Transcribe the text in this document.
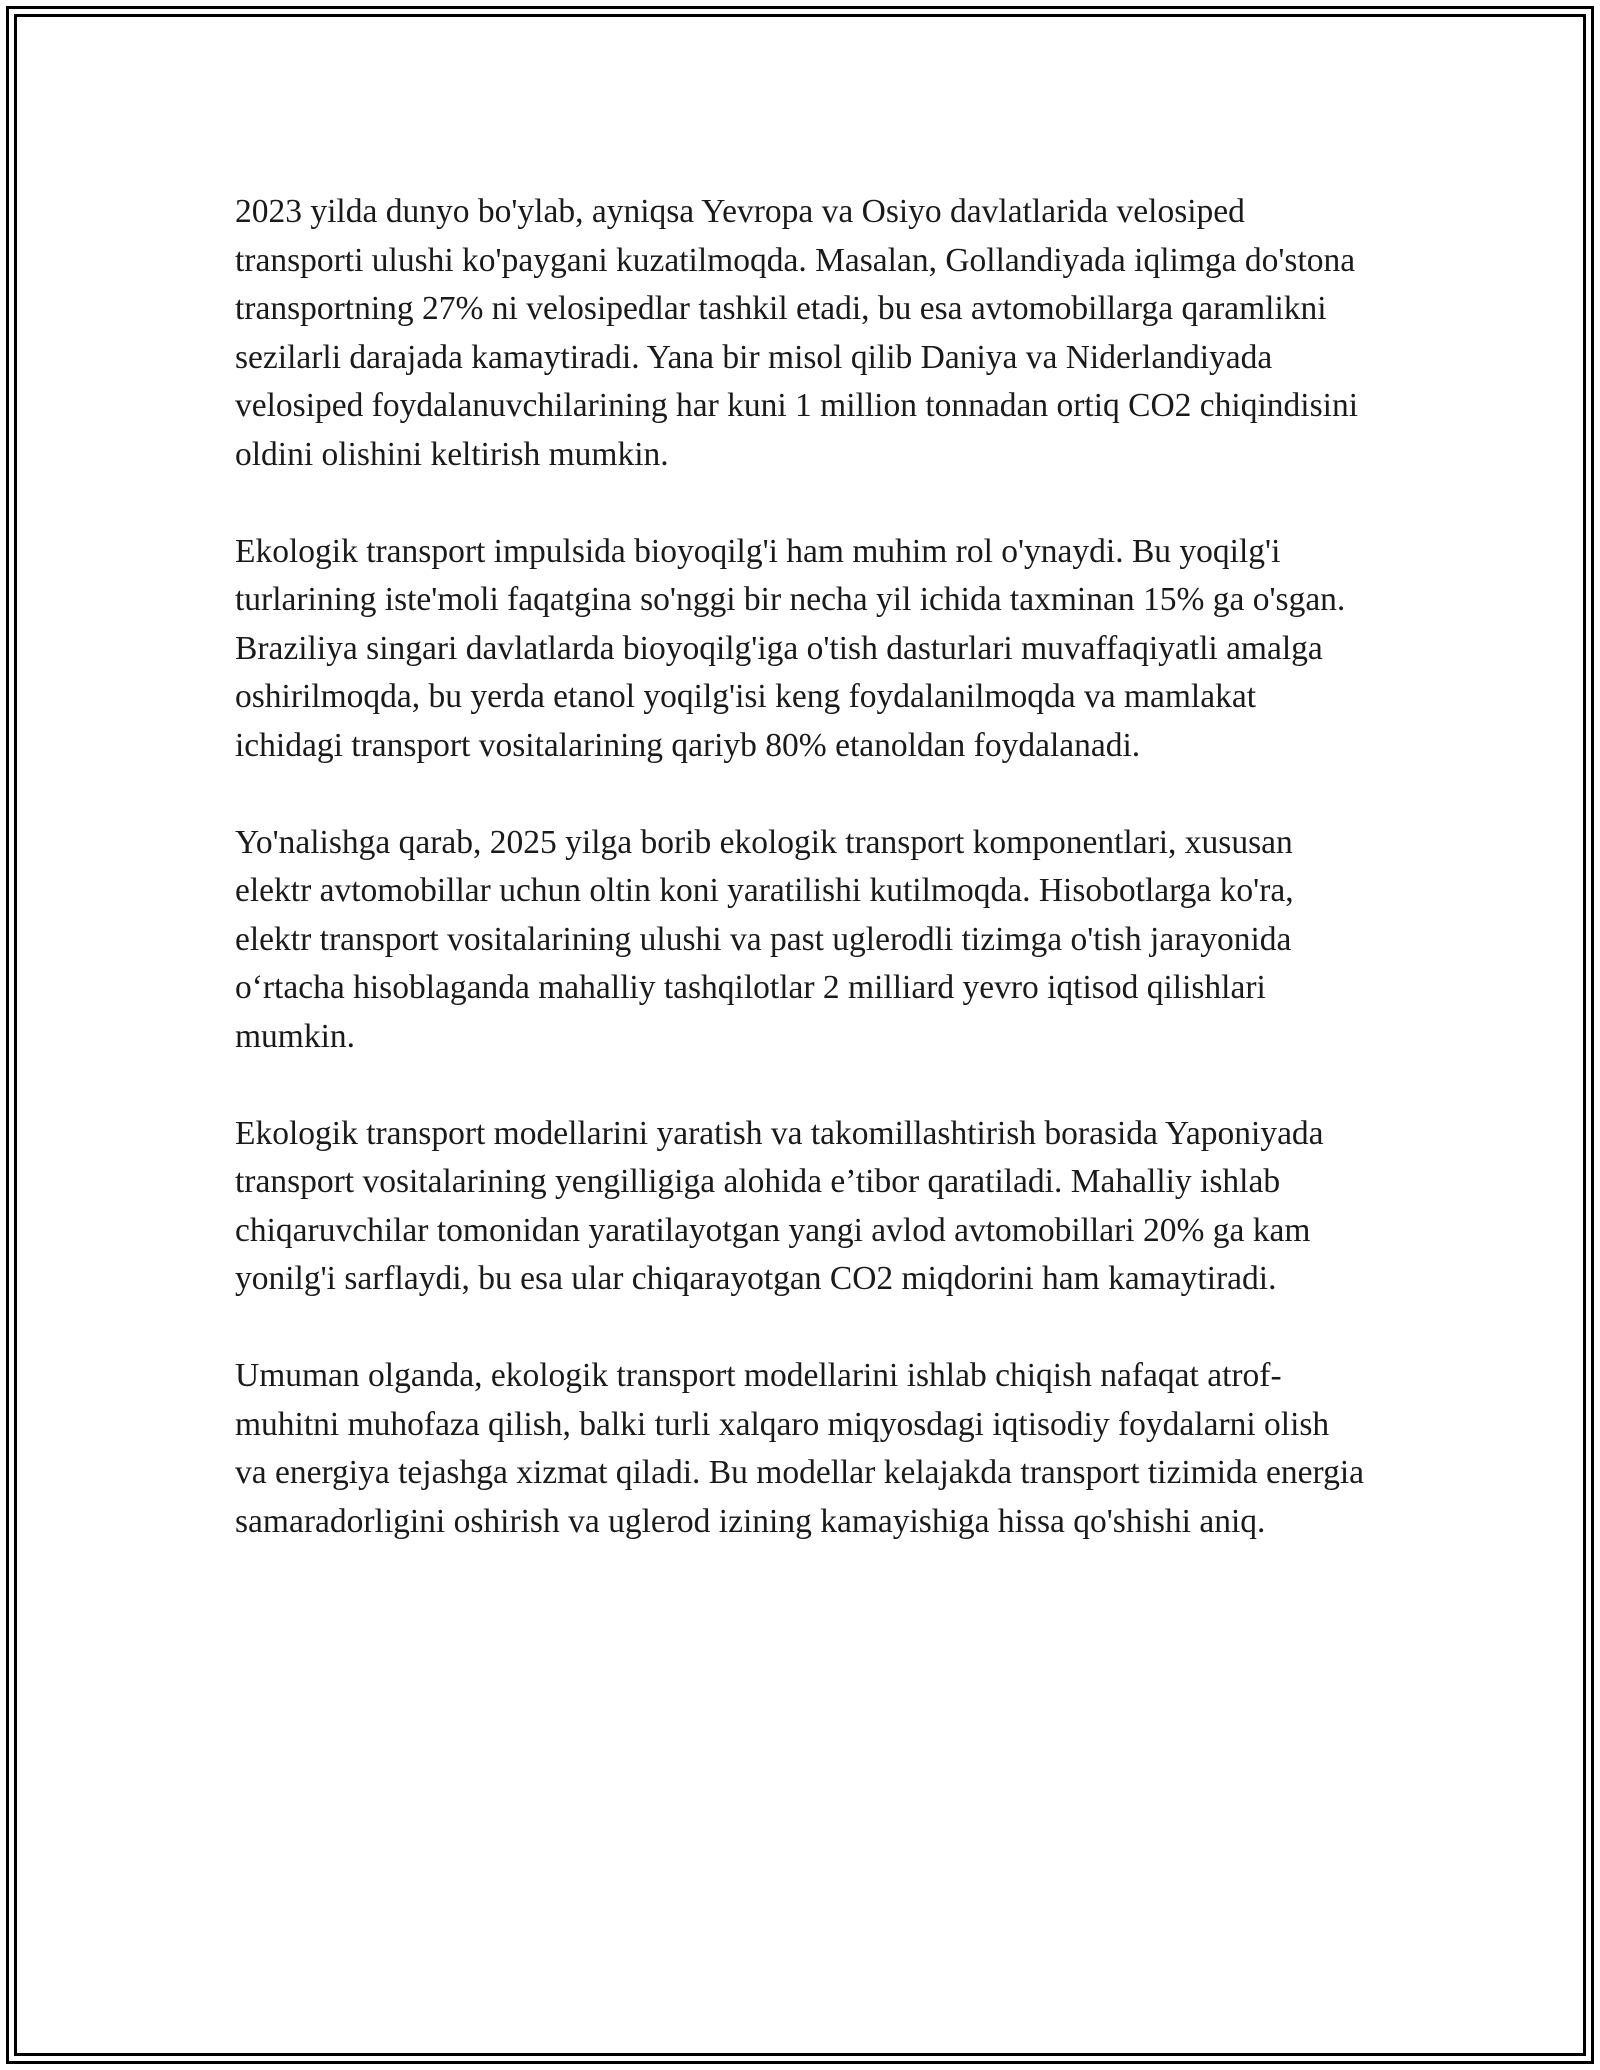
2023 yilda dunyo bo'ylab, ayniqsa Yevropa va Osiyo davlatlarida velosiped transporti ulushi ko'paygani kuzatilmoqda. Masalan, Gollandiyada iqlimga do'stona transportning 27% ni velosipedlar tashkil etadi, bu esa avtomobillarga qaramlikni sezilarli darajada kamaytiradi. Yana bir misol qilib Daniya va Niderlandiyada velosiped foydalanuvchilarining har kuni 1 million tonnadan ortiq CO2 chiqindisini oldini olishini keltirish mumkin.

Ekologik transport impulsida bioyoqilg'i ham muhim rol o'ynaydi. Bu yoqilg'i turlarining iste'moli faqatgina so'nggi bir necha yil ichida taxminan 15% ga o'sgan. Braziliya singari davlatlarda bioyoqilg'iga o'tish dasturlari muvaffaqiyatli amalga oshirilmoqda, bu yerda etanol yoqilg'isi keng foydalanilmoqda va mamlakat ichidagi transport vositalarining qariyb 80% etanoldan foydalanadi.

Yo'nalishga qarab, 2025 yilga borib ekologik transport komponentlari, xususan elektr avtomobillar uchun oltin koni yaratilishi kutilmoqda. Hisobotlarga ko'ra, elektr transport vositalarining ulushi va past uglerodli tizimga o'tish jarayonida o‘rtacha hisoblaganda mahalliy tashqilotlar 2 milliard yevro iqtisod qilishlari mumkin.

Ekologik transport modellarini yaratish va takomillashtirish borasida Yaponiyada transport vositalarining yengilligiga alohida e’tibor qaratiladi. Mahalliy ishlab chiqaruvchilar tomonidan yaratilayotgan yangi avlod avtomobillari 20% ga kam yonilg'i sarflaydi, bu esa ular chiqarayotgan CO2 miqdorini ham kamaytiradi.

Umuman olganda, ekologik transport modellarini ishlab chiqish nafaqat atrof-muhitni muhofaza qilish, balki turli xalqaro miqyosdagi iqtisodiy foydalarni olish va energiya tejashga xizmat qiladi. Bu modellar kelajakda transport tizimida energia samaradorligini oshirish va uglerod izining kamayishiga hissa qo'shishi aniq.
